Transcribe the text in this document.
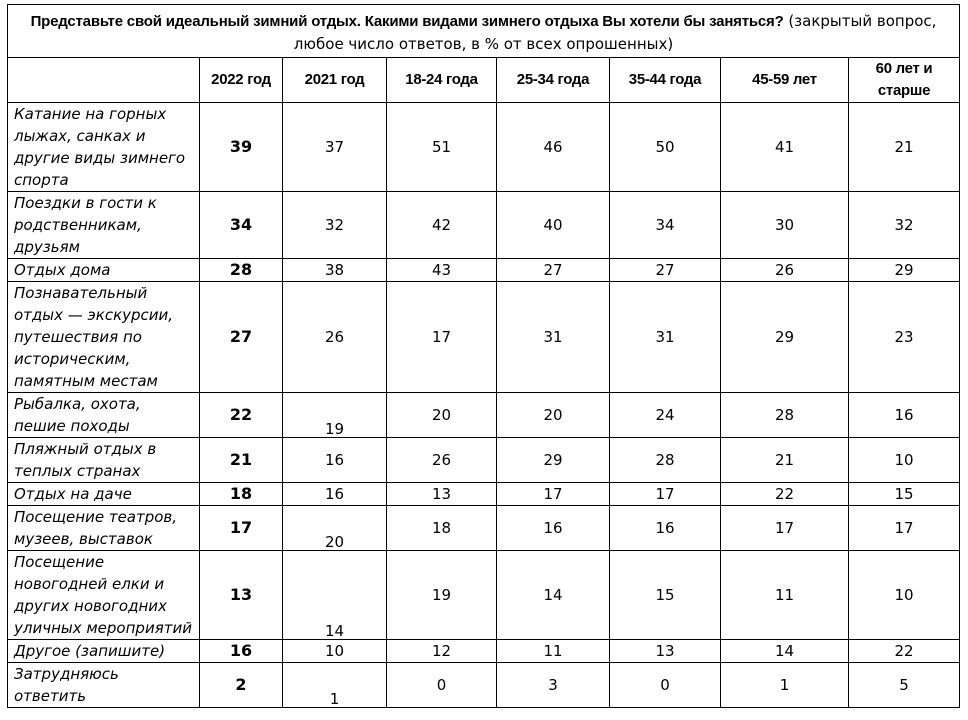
Представьте свой идеальный зимний отдых. Какими видами зимнего отдыха Вы хотели бы заняться? (закрытый вопрос, любое число ответов, в % от всех опрошенных)							
	2022 год	2021 год	18-24 года	25-34 года	35-44 года	45-59 лет	60 лет и старше
Катание на горных лыжах, санках и другие виды зимнего спорта	39	37	51	46	50	41	21
Поездки в гости к родственникам, друзьям	34	32	42	40	34	30	32
Отдых дома	28	38	43	27	27	26	29
Познавательный отдых — экскурсии, путешествия по историческим, памятным местам	27	26	17	31	31	29	23
Рыбалка, охота, пешие походы	22	19	20	20	24	28	16
Пляжный отдых в теплых странах	21	16	26	29	28	21	10
Отдых на даче	18	16	13	17	17	22	15
Посещение театров, музеев, выставок	17	20	18	16	16	17	17
Посещение новогодней елки и других новогодних уличных мероприятий	13	14	19	14	15	11	10
Другое (запишите)	16	10	12	11	13	14	22
Затрудняюсь ответить	2	1	0	3	0	1	5
